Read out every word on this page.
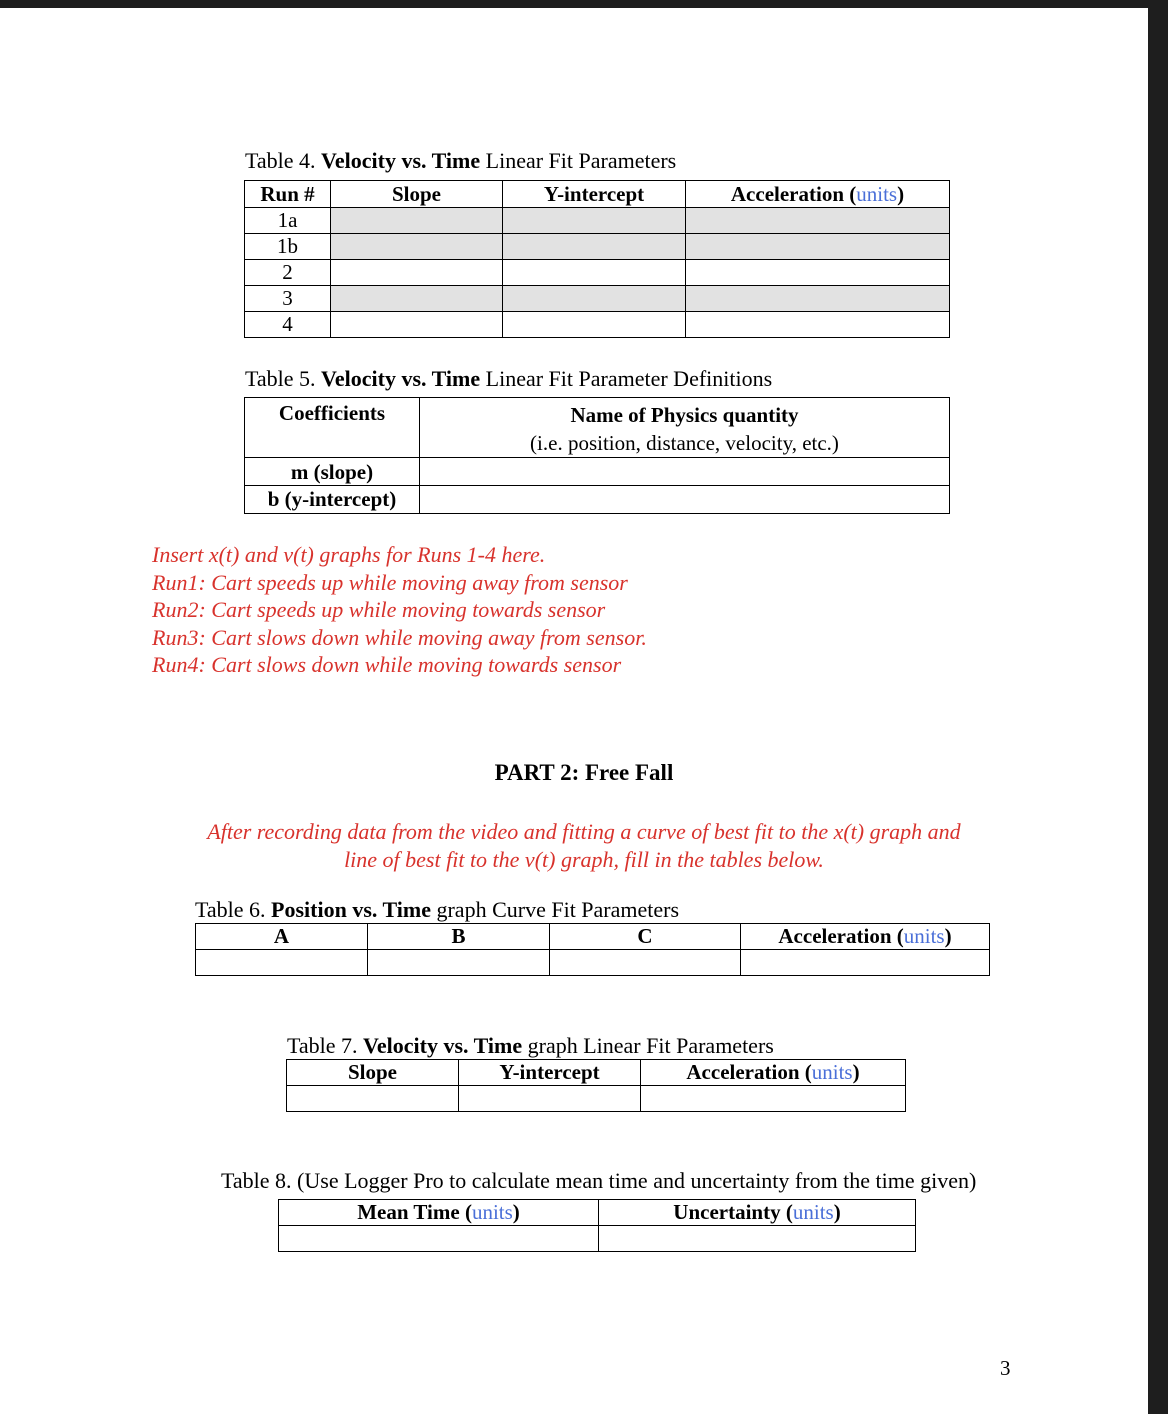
Table 4. Velocity vs. Time Linear Fit Parameters
Run #	Slope	Y-intercept	Acceleration (units)
1a			
1b			
2			
3			
4			
Table 5. Velocity vs. Time Linear Fit Parameter Definitions
Coefficients	Name of Physics quantity
(i.e. position, distance, velocity, etc.)

m (slope)	
b (y-intercept)	
Insert x(t) and v(t) graphs for Runs 1-4 here.
Run1: Cart speeds up while moving away from sensor
Run2: Cart speeds up while moving towards sensor
Run3: Cart slows down while moving away from sensor.
Run4: Cart slows down while moving towards sensor
PART 2: Free Fall
After recording data from the video and fitting a curve of best fit to the x(t) graph and
line of best fit to the v(t) graph, fill in the tables below.
Table 6. Position vs. Time graph Curve Fit Parameters
A	B	C	Acceleration (units)

Table 7. Velocity vs. Time graph Linear Fit Parameters
Slope	Y-intercept	Acceleration (units)

Table 8. (Use Logger Pro to calculate mean time and uncertainty from the time given)
Mean Time (units)	Uncertainty (units)

3
